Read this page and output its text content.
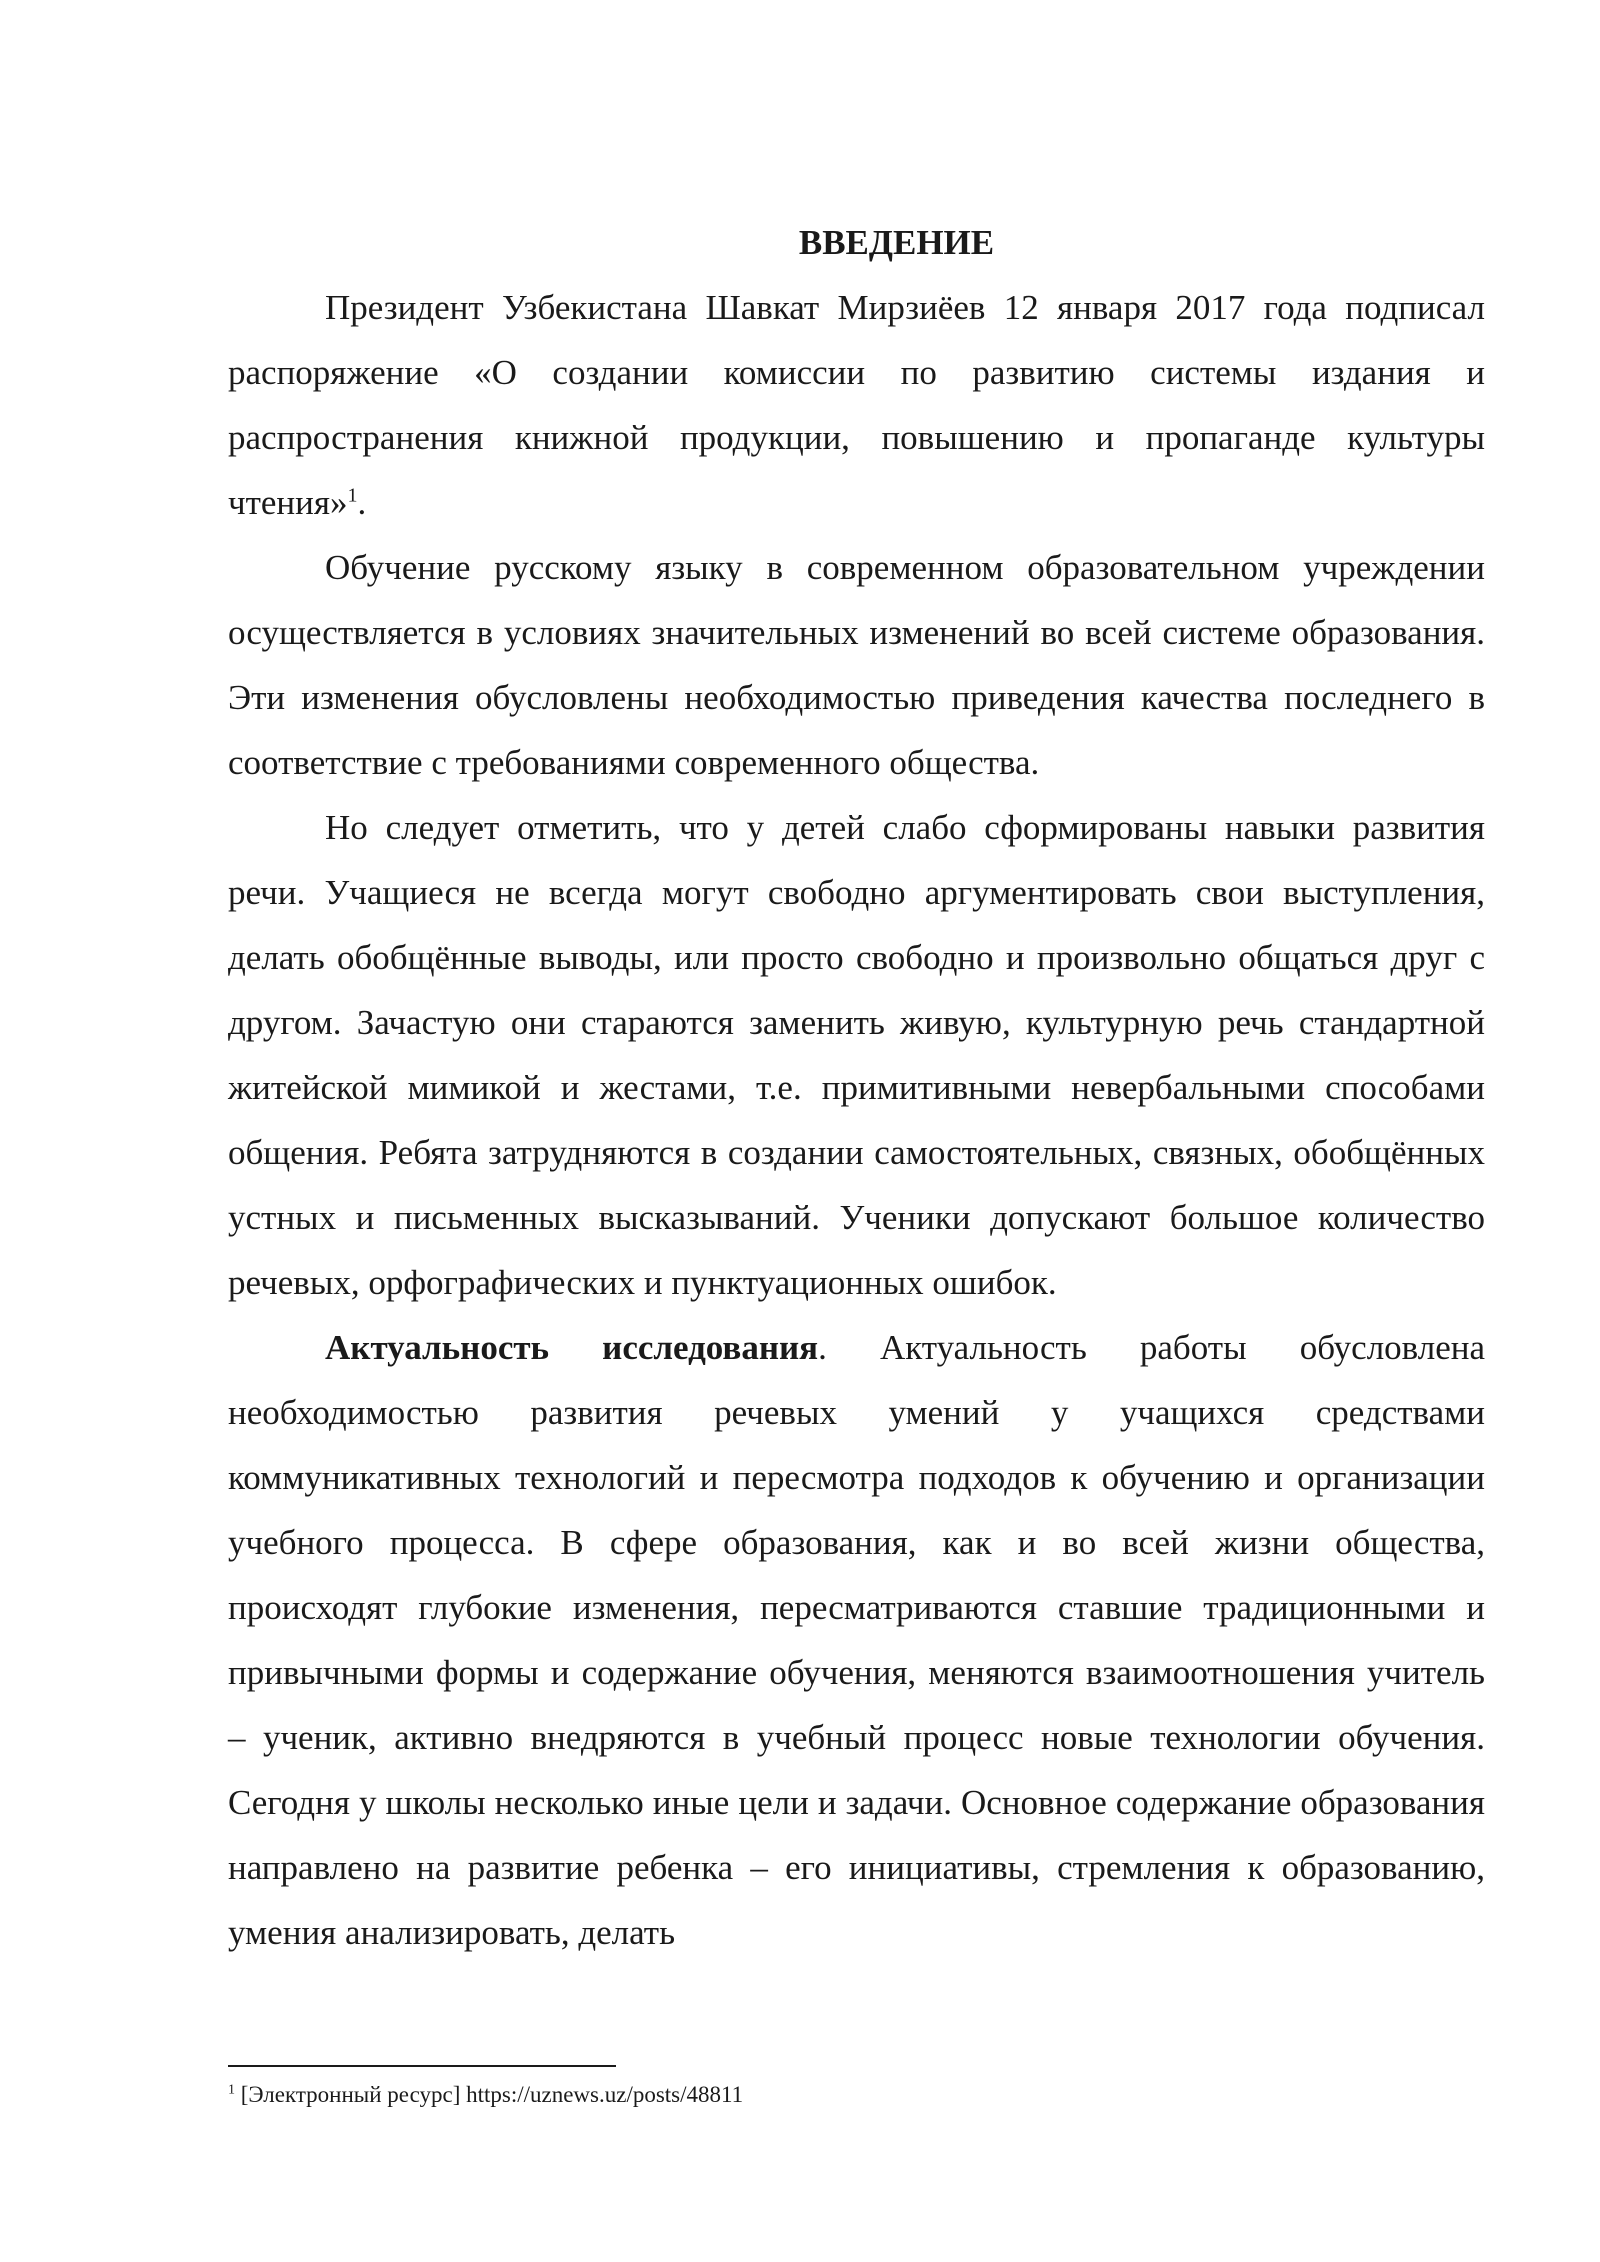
ВВЕДЕНИЕ

Президент Узбекистана Шавкат Мирзиёев 12 января 2017 года подписал распоряжение «О создании комиссии по развитию системы издания и распространения книжной продукции, повышению и пропаганде культуры чтения»$^1$.

Обучение русскому языку в современном образовательном учреждении осуществляется в условиях значительных изменений во всей системе образования. Эти изменения обусловлены необходимостью приведения качества последнего в соответствие с требованиями современного общества.

Но следует отметить, что у детей слабо сформированы навыки развития речи. Учащиеся не всегда могут свободно аргументировать свои выступления, делать обобщённые выводы, или просто свободно и произвольно общаться друг с другом. Зачастую они стараются заменить живую, культурную речь стандартной житейской мимикой и жестами, т.е. примитивными невербальными способами общения. Ребята затрудняются в создании самостоятельных, связных, обобщённых устных и письменных высказываний. Ученики допускают большое количество речевых, орфографических и пунктуационных ошибок.

Актуальность исследования. Актуальность работы обусловлена необходимостью развития речевых умений у учащихся средствами коммуникативных технологий и пересмотра подходов к обучению и организации учебного процесса. В сфере образования, как и во всей жизни общества, происходят глубокие изменения, пересматриваются ставшие традиционными и привычными формы и содержание обучения, меняются взаимоотношения учитель – ученик, активно внедряются в учебный процесс новые технологии обучения. Сегодня у школы несколько иные цели и задачи. Основное содержание образования направлено на развитие ребенка – его инициативы, стремления к образованию, умения анализировать, делать

$^1$ [Электронный ресурс] https://uznews.uz/posts/48811
